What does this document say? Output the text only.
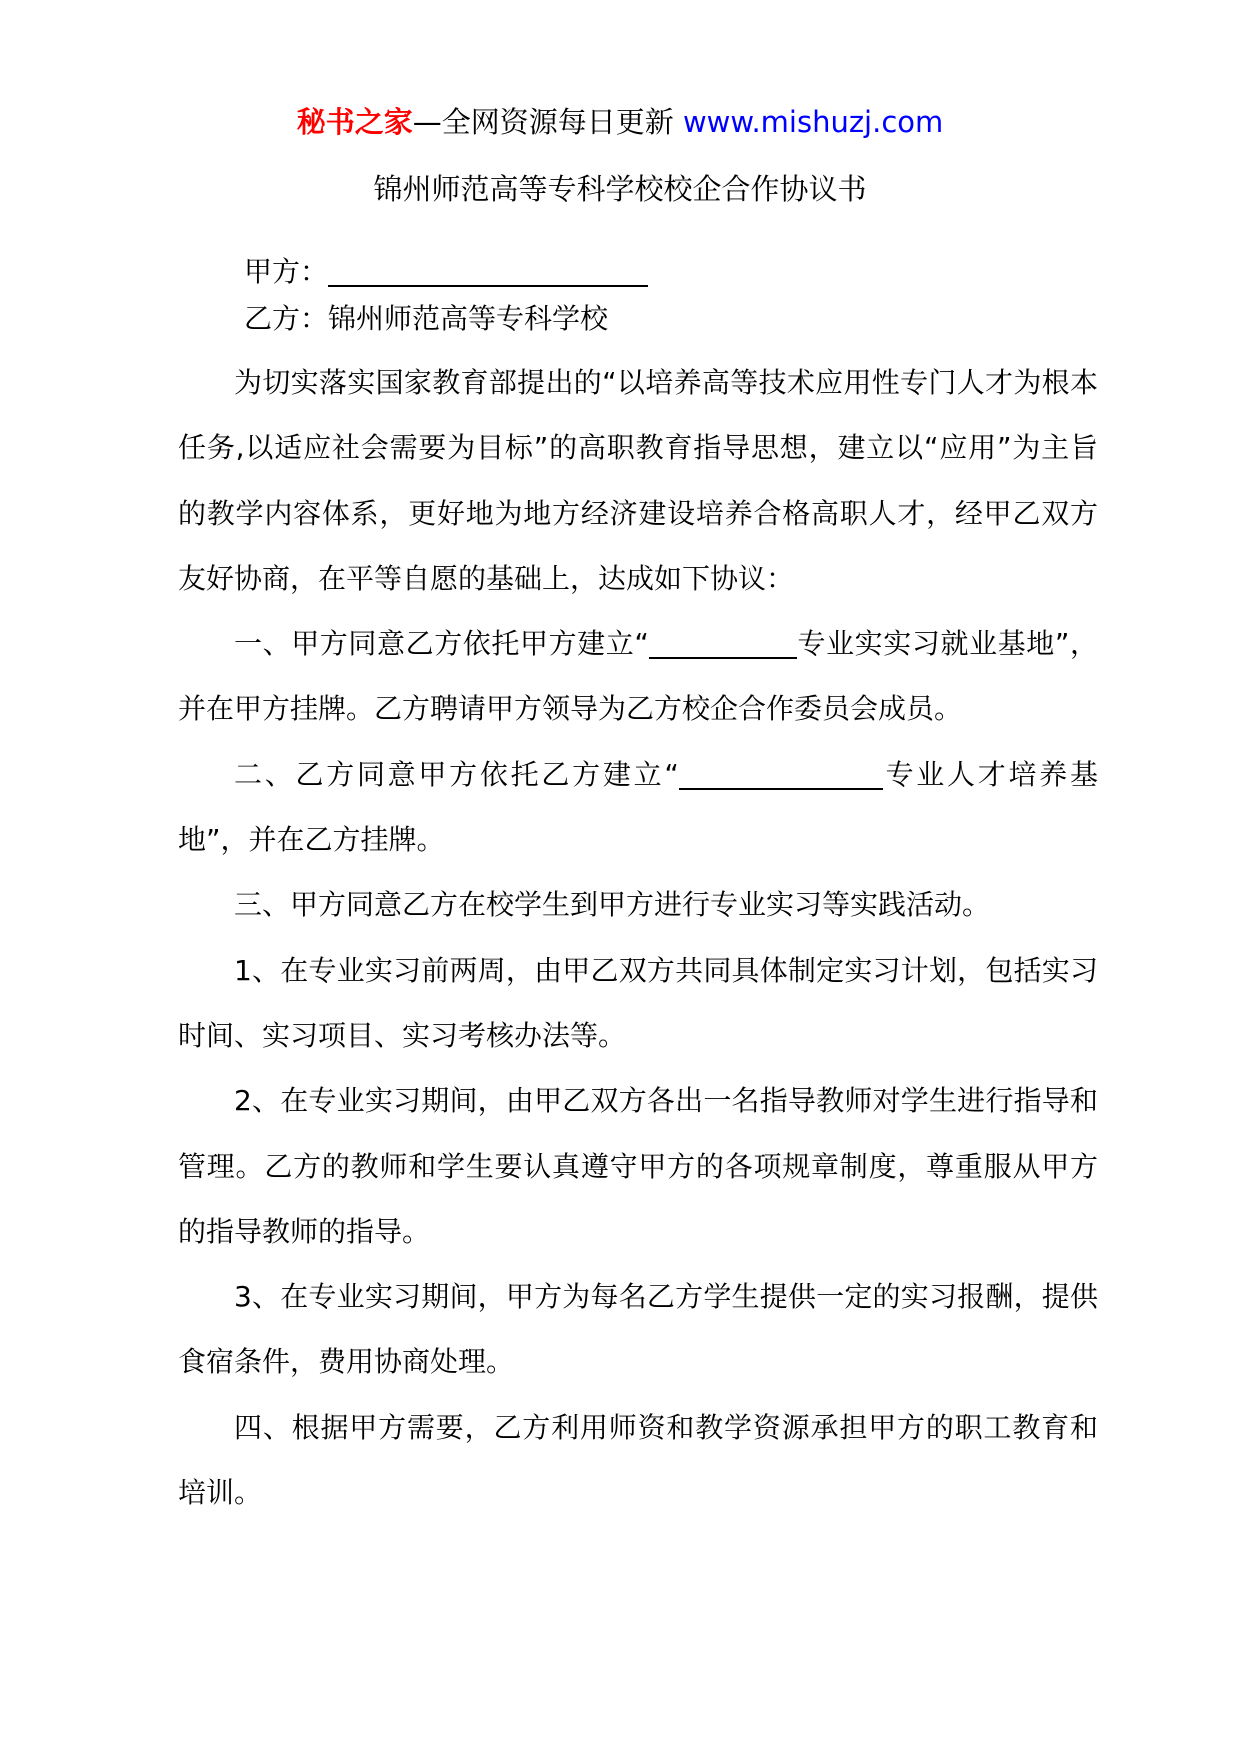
秘书之家—全网资源每日更新 www.mishuzj.com
锦州师范高等专科学校校企合作协议书
甲方：
乙方：锦州师范高等专科学校

为切实落实国家教育部提出的“以培养高等技术应用性专门人才为根本任务,以适应社会需要为目标”的高职教育指导思想，建立以“应用”为主旨的教学内容体系，更好地为地方经济建设培养合格高职人才，经甲乙双方友好协商，在平等自愿的基础上，达成如下协议：

一、甲方同意乙方依托甲方建立“	专业实实习就业基地”，并在甲方挂牌。乙方聘请甲方领导为乙方校企合作委员会成员。

二、乙方同意甲方依托乙方建立“	专业人才培养基地”，并在乙方挂牌。

三、甲方同意乙方在校学生到甲方进行专业实习等实践活动。

1、在专业实习前两周，由甲乙双方共同具体制定实习计划，包括实习时间、实习项目、实习考核办法等。

2、在专业实习期间，由甲乙双方各出一名指导教师对学生进行指导和管理。乙方的教师和学生要认真遵守甲方的各项规章制度，尊重服从甲方的指导教师的指导。

3、在专业实习期间，甲方为每名乙方学生提供一定的实习报酬，提供食宿条件，费用协商处理。

四、根据甲方需要，乙方利用师资和教学资源承担甲方的职工教育和培训。
